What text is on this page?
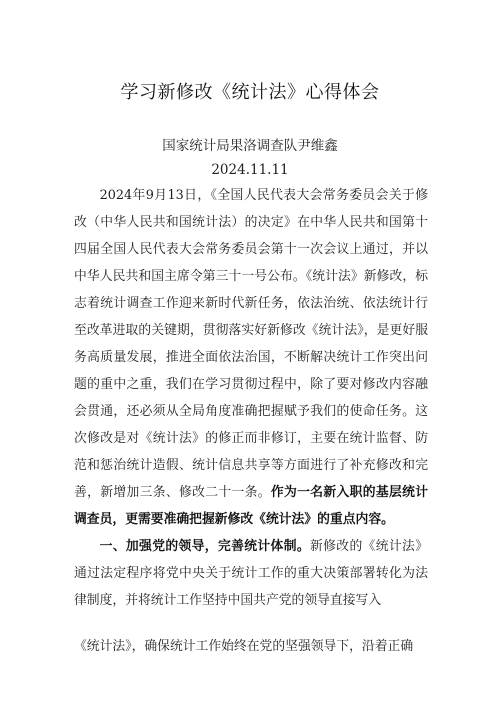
学习新修改《统计法》心得体会
国家统计局果洛调查队尹维鑫
2024.11.11

2024年9月13日，《全国人民代表大会常务委员会关于修改（中华人民共和国统计法）的决定》在中华人民共和国第十四届全国人民代表大会常务委员会第十一次会议上通过，并以中华人民共和国主席令第三十一号公布。《统计法》新修改，标志着统计调查工作迎来新时代新任务，依法治统、依法统计行至改革进取的关键期，贯彻落实好新修改《统计法》，是更好服务高质量发展，推进全面依法治国，不断解决统计工作突出问题的重中之重，我们在学习贯彻过程中，除了要对修改内容融会贯通，还必须从全局角度准确把握赋予我们的使命任务。这次修改是对《统计法》的修正而非修订，主要在统计监督、防范和惩治统计造假、统计信息共享等方面进行了补充修改和完善，新增加三条、修改二十一条。作为一名新入职的基层统计调查员，更需要准确把握新修改《统计法》的重点内容。

一、加强党的领导，完善统计体制。新修改的《统计法》通过法定程序将党中央关于统计工作的重大决策部署转化为法律制度，并将统计工作坚持中国共产党的领导直接写入

《统计法》，确保统计工作始终在党的坚强领导下，沿着正确
